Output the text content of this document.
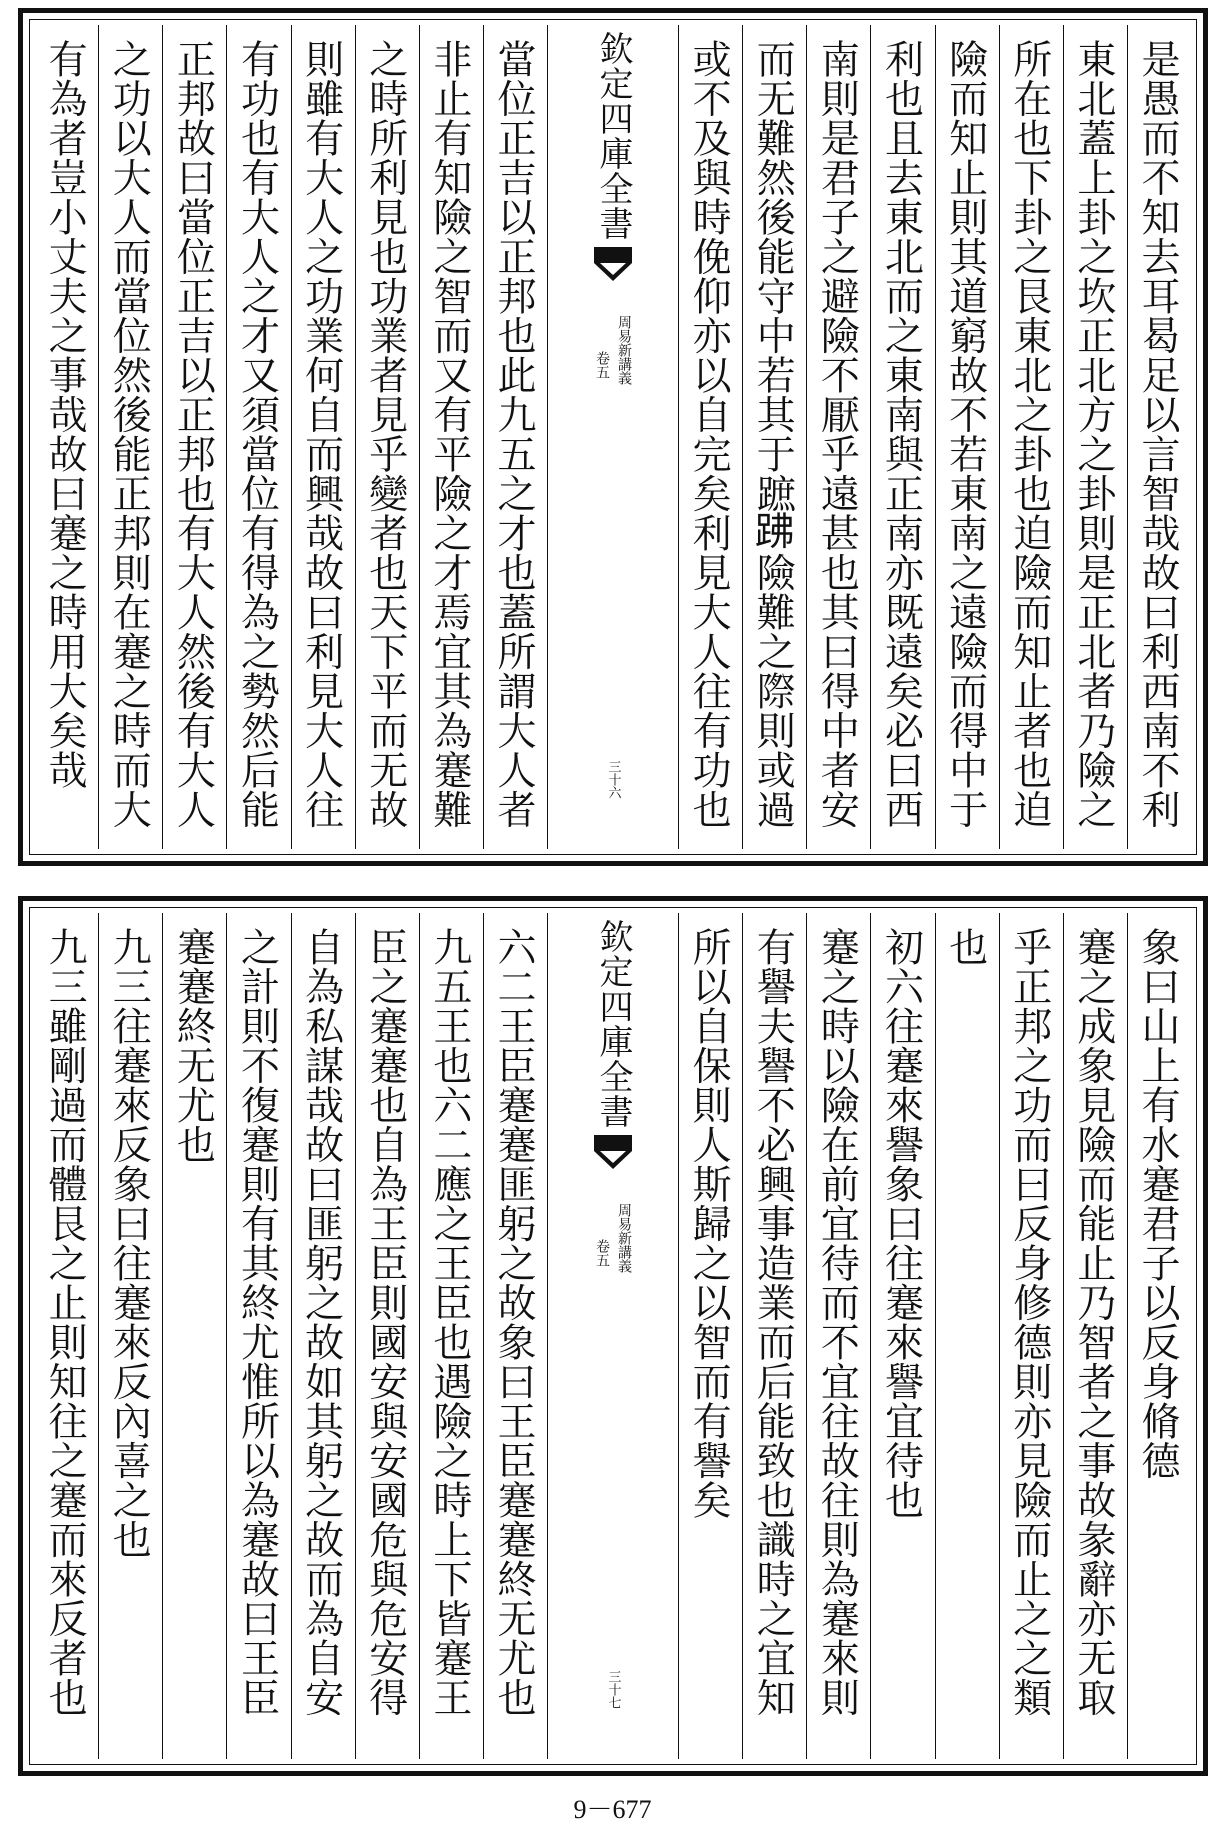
是愚而不知去耳曷足以言智哉故曰利西南不利
東北蓋上卦之坎正北方之卦則是正北者乃險之
所在也下卦之艮東北之卦也迫險而知止者也迫
險而知止則其道窮故不若東南之遠險而得中于
利也且去東北而之東南與正南亦既遠矣必曰西
南則是君子之避險不厭乎遠甚也其曰得中者安
而无難然後能守中若其于蹠𧿳險難之際則或過
或不及與時俛仰亦以自完矣利見大人往有功也
欽定四庫全書
周易新講義
卷五
三十六
當位正吉以正邦也此九五之才也蓋所謂大人者
非止有知險之智而又有平險之才焉宜其為蹇難
之時所利見也功業者見乎變者也天下平而无故
則雖有大人之功業何自而興哉故曰利見大人往
有功也有大人之才又須當位有得為之勢然后能
正邦故曰當位正吉以正邦也有大人然後有大人
之功以大人而當位然後能正邦則在蹇之時而大
有為者豈小丈夫之事哉故曰蹇之時用大矣哉
象曰山上有水蹇君子以反身脩德
蹇之成象見險而能止乃智者之事故彖辭亦无取
乎正邦之功而曰反身修德則亦見險而止之之類
也
初六往蹇來譽象曰往蹇來譽宜待也
蹇之時以險在前宜待而不宜往故往則為蹇來則
有譽夫譽不必興事造業而后能致也識時之宜知
所以自保則人斯歸之以智而有譽矣
欽定四庫全書
周易新講義
卷五
三十七
六二王臣蹇蹇匪躬之故象曰王臣蹇蹇終无尤也
九五王也六二應之王臣也遇險之時上下皆蹇王
臣之蹇蹇也自為王臣則國安與安國危與危安得
自為私謀哉故曰匪躬之故如其躬之故而為自安
之計則不復蹇則有其終尤惟所以為蹇故曰王臣
蹇蹇終无尤也
九三往蹇來反象曰往蹇來反內喜之也
九三雖剛過而體艮之止則知往之蹇而來反者也
9－677
